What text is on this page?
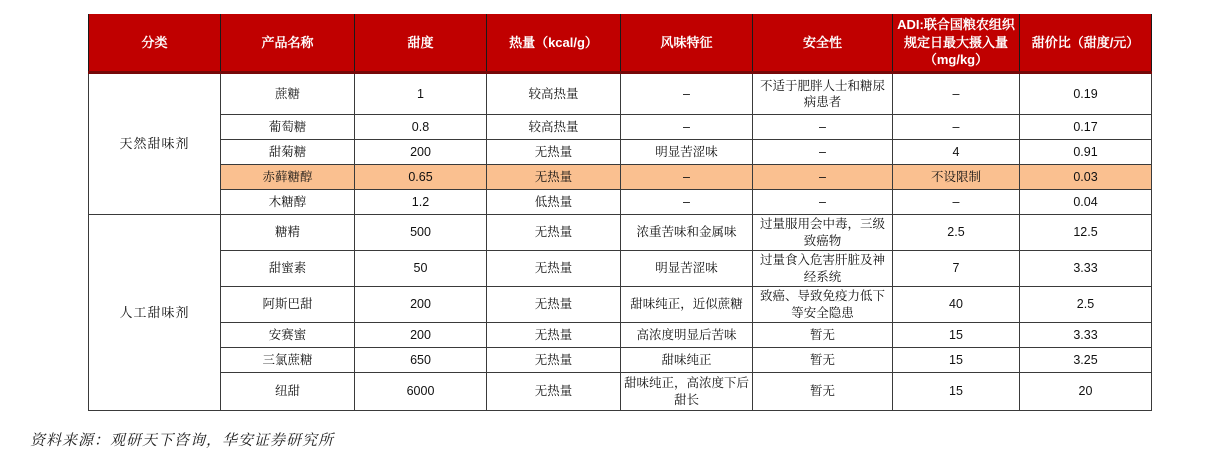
分类	产品名称	甜度	热量（kcal/g）	风味特征	安全性	ADI:联合国粮农组织规定日最大摄入量（mg/kg）	甜价比（甜度/元）
天然甜味剂	蔗糖	1	较高热量	–	不适于肥胖人士和糖尿病患者	–	0.19
	葡萄糖	0.8	较高热量	–	–	–	0.17
	甜菊糖	200	无热量	明显苦涩味	–	4	0.91
	赤藓糖醇	0.65	无热量	–	–	不设限制	0.03
	木糖醇	1.2	低热量	–	–	–	0.04
人工甜味剂	糖精	500	无热量	浓重苦味和金属味	过量服用会中毒，三级致癌物	2.5	12.5
	甜蜜素	50	无热量	明显苦涩味	过量食入危害肝脏及神经系统	7	3.33
	阿斯巴甜	200	无热量	甜味纯正，近似蔗糖	致癌、导致免疫力低下等安全隐患	40	2.5
	安赛蜜	200	无热量	高浓度明显后苦味	暂无	15	3.33
	三氯蔗糖	650	无热量	甜味纯正	暂无	15	3.25
	纽甜	6000	无热量	甜味纯正，高浓度下后甜长	暂无	15	20
资料来源：观研天下咨询，华安证券研究所
